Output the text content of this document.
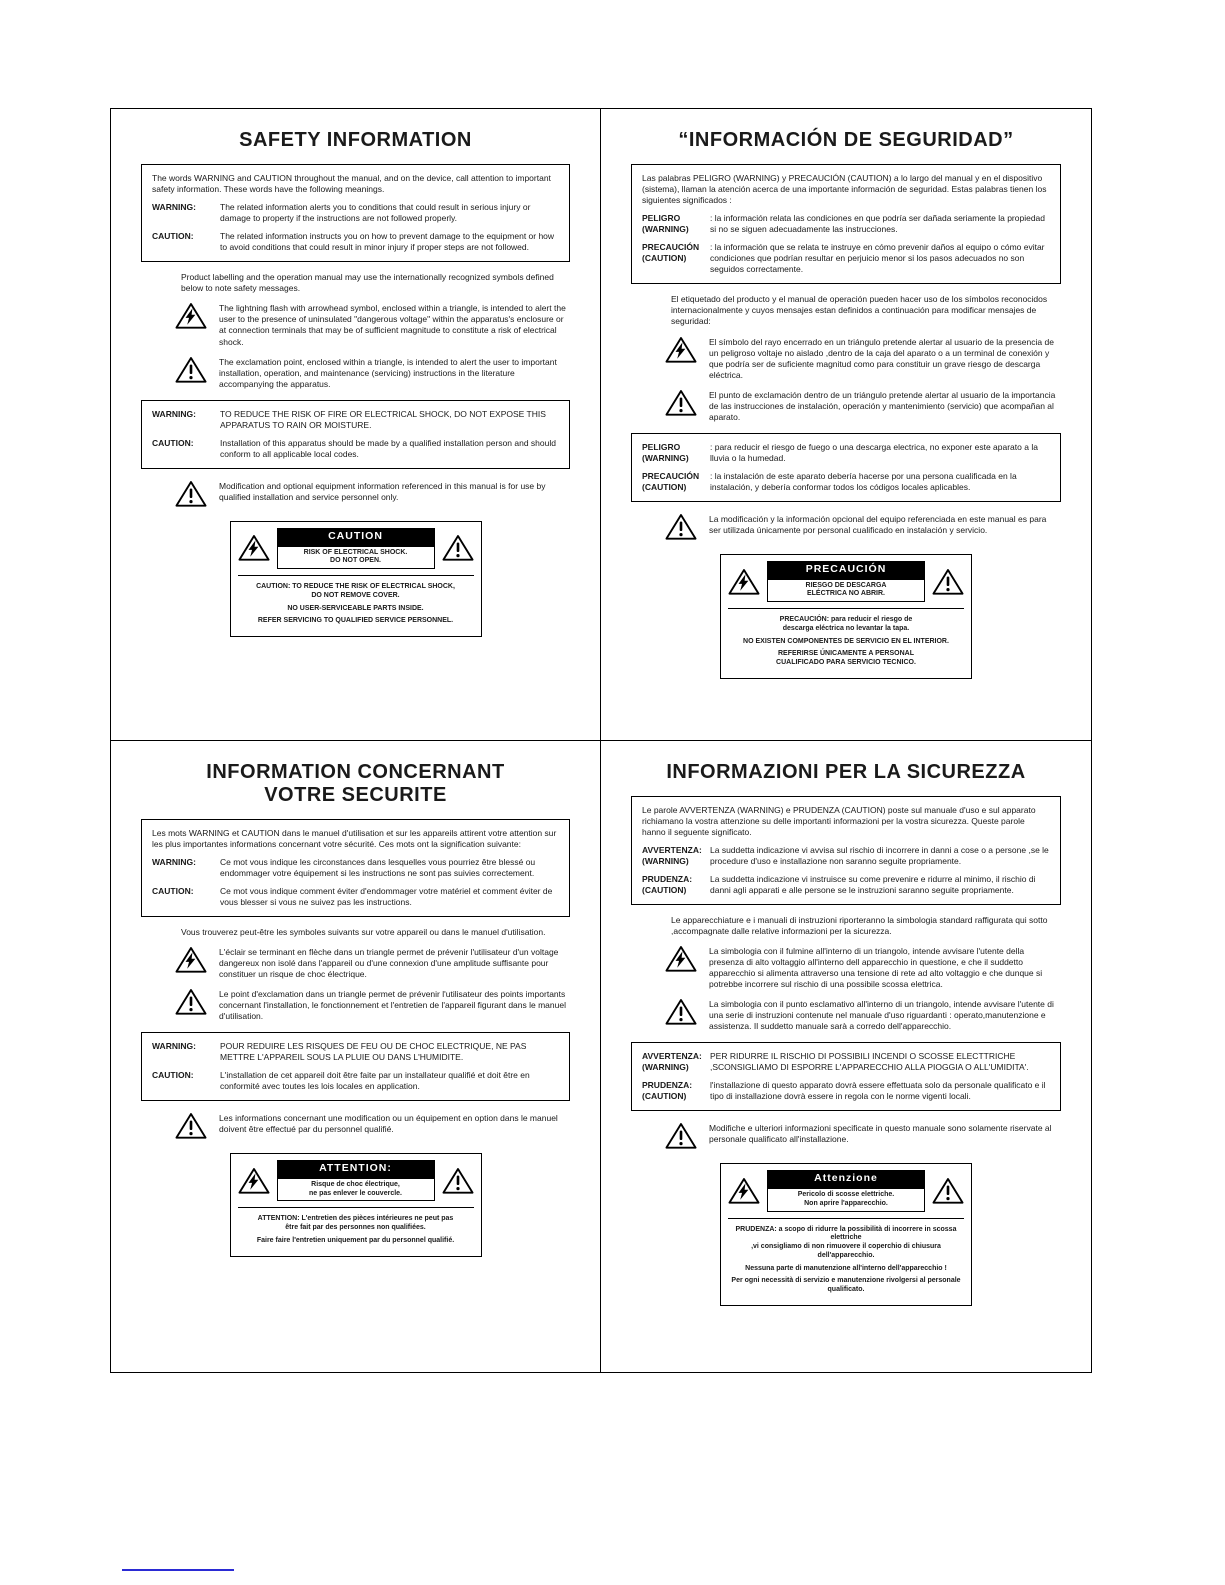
SAFETY INFORMATION

The words WARNING and CAUTION throughout the manual, and on the device, call attention to important safety information. These words have the following meanings.

WARNING:	The related information alerts you to conditions that could result in serious injury or damage to property if the instructions are not followed properly.
CAUTION:	The related information instructs you on how to prevent damage to the equipment or how to avoid conditions that could result in minor injury if proper steps are not followed.

Product labelling and the operation manual may use the internationally recognized symbols defined below to note safety messages.

The lightning flash with arrowhead symbol, enclosed within a triangle, is intended to alert the user to the presence of uninsulated "dangerous voltage" within the apparatus's enclosure or at connection terminals that may be of sufficient magnitude to constitute a risk of electrical shock.

The exclamation point, enclosed within a triangle, is intended to alert the user to important installation, operation, and maintenance (servicing) instructions in the literature accompanying the apparatus.

WARNING:	TO REDUCE THE RISK OF FIRE OR ELECTRICAL SHOCK, DO NOT EXPOSE THIS APPARATUS TO RAIN OR MOISTURE.
CAUTION:	Installation of this apparatus should be made by a qualified installation person and should conform to all applicable local codes.

Modification and optional equipment information referenced in this manual is for use by qualified installation and service personnel only.

CAUTION
RISK OF ELECTRICAL SHOCK.
DO NOT OPEN.

CAUTION: TO REDUCE THE RISK OF ELECTRICAL SHOCK,
DO NOT REMOVE COVER.

NO USER-SERVICEABLE PARTS INSIDE.

REFER SERVICING TO QUALIFIED SERVICE PERSONNEL.

“INFORMACIÓN DE SEGURIDAD”

Las palabras PELIGRO (WARNING) y PRECAUCIÓN (CAUTION) a lo largo del manual y en el dispositivo (sistema), llaman la atención acerca de una importante información de seguridad. Estas palabras tienen los siguientes significados :

PELIGRO
(WARNING)
: la información relata las condiciones en que podría ser dañada seriamente la propiedad si no se siguen adecuadamente las instrucciones.
PRECAUCIÓN
(CAUTION)
: la información que se relata te instruye en cómo prevenir daños al equipo o cómo evitar condiciones que podrían resultar en perjuicio menor si los pasos adecuados no son seguidos correctamente.

El etiquetado del producto y el manual de operación pueden hacer uso de los símbolos reconocidos internacionalmente y cuyos mensajes estan definidos a continuación para modificar mensajes de seguridad:

El símbolo del rayo encerrado en un triángulo pretende alertar al usuario de la presencia de un peligroso voltaje no aislado ,dentro de la caja del aparato o a un terminal de conexión y que podría ser de suficiente magnitud como para constituir un grave riesgo de descarga eléctrica.

El punto de exclamación dentro de un triángulo pretende alertar al usuario de la importancia de las instrucciones de instalación, operación y mantenimiento (servicio) que acompañan al aparato.

PELIGRO
(WARNING)
: para reducir el riesgo de fuego o una descarga electrica, no exponer este aparato a la lluvia o la humedad.
PRECAUCIÓN
(CAUTION)
: la instalación de este aparato debería hacerse por una persona cualificada en la instalación, y debería conformar todos los códigos locales aplicables.

La modificación y la información opcional del equipo referenciada en este manual es para ser utilizada únicamente por personal cualificado en instalación y servicio.

PRECAUCIÓN
RIESGO DE DESCARGA
ELÉCTRICA NO ABRIR.

PRECAUCIÓN: para reducir el riesgo de
descarga eléctrica no levantar la tapa.

NO EXISTEN COMPONENTES DE SERVICIO EN EL INTERIOR.

REFERIRSE ÚNICAMENTE A PERSONAL
CUALIFICADO PARA SERVICIO TECNICO.

INFORMATION CONCERNANT VOTRE SECURITE

Les mots WARNING et CAUTION dans le manuel d'utilisation et sur les appareils attirent votre attention sur les plus importantes informations concernant votre sécurité. Ces mots ont la signification suivante:

WARNING:	Ce mot vous indique les circonstances dans lesquelles vous pourriez être blessé ou endommager votre équipement si les instructions ne sont pas suivies correctement.
CAUTION:	Ce mot vous indique comment éviter d'endommager votre matériel et comment éviter de vous blesser si vous ne suivez pas les instructions.

Vous trouverez peut-être les symboles suivants sur votre appareil ou dans le manuel d'utilisation.

L'éclair se terminant en flèche dans un triangle permet de prévenir l'utilisateur d'un voltage dangereux non isolé dans l'appareil ou d'une connexion d'une amplitude suffisante pour constituer un risque de choc électrique.

Le point d'exclamation dans un triangle permet de prévenir l'utilisateur des points importants concernant l'installation, le fonctionnement et l'entretien de l'appareil figurant dans le manuel d'utilisation.

WARNING:	POUR REDUIRE LES RISQUES DE FEU OU DE CHOC ELECTRIQUE, NE PAS METTRE L'APPAREIL SOUS LA PLUIE OU DANS L'HUMIDITE.
CAUTION:	L'installation de cet appareil doit être faite par un installateur qualifié et doit être en conformité avec toutes les lois locales en application.

Les informations concernant une modification ou un équipement en option dans le manuel doivent être effectué par du personnel qualifié.

ATTENTION:
Risque de choc électrique,
ne pas enlever le couvercle.

ATTENTION: L'entretien des pièces intérieures ne peut pas
être fait par des personnes non qualifiées.

Faire faire l'entretien uniquement par du personnel qualifié.

INFORMAZIONI PER LA SICUREZZA

Le parole AVVERTENZA (WARNING) e PRUDENZA (CAUTION) poste sul manuale d'uso e sul apparato richiamano la vostra attenzione su delle importanti informazioni per la vostra sicurezza. Queste parole hanno il seguente significato.

AVVERTENZA:
(WARNING)
La suddetta indicazione vi avvisa sul rischio di incorrere in danni a cose o a persone ,se le procedure d'uso e installazione non saranno seguite propriamente.
PRUDENZA:
(CAUTION)
La suddetta indicazione vi instruisce su come prevenire e ridurre al minimo, il rischio di danni agli apparati e alle persone se le instruzioni saranno seguite propriamente.

Le apparecchiature e i manuali di instruzioni riporteranno la simbologia standard raffigurata qui sotto ,accompagnate dalle relative informazioni per la sicurezza.

La simbologia con il fulmine all'interno di un triangolo, intende avvisare l'utente della presenza di alto voltaggio all'interno dell apparecchio in questione, e che il suddetto apparecchio si alimenta attraverso una tensione di rete ad alto voltaggio e che dunque si potrebbe incorrere sul rischio di una possibile scossa elettrica.

La simbologia con il punto esclamativo all'interno di un triangolo, intende avvisare l'utente di una serie di instruzioni contenute nel manuale d'uso riguardanti : operato,manutenzione e assistenza. Il suddetto manuale sarà a corredo dell'apparecchio.

AVVERTENZA:
(WARNING)
PER RIDURRE IL RISCHIO DI POSSIBILI INCENDI O SCOSSE ELECTTRICHE ,SCONSIGLIAMO DI ESPORRE L'APPARECCHIO ALLA PIOGGIA O ALL'UMIDITA'.
PRUDENZA:
(CAUTION)
l'installazione di questo apparato dovrà essere effettuata solo da personale qualificato e il tipo di installazione dovrà essere in regola con le norme vigenti locali.

Modifiche e ulteriori informazioni specificate in questo manuale sono solamente riservate al personale qualificato all'installazione.

Attenzione
Pericolo di scosse elettriche.
Non aprire l'apparecchio.

PRUDENZA: a scopo di ridurre la possibilità di incorrere in scossa elettriche
,vi consigliamo di non rimuovere il coperchio di chiusura dell'apparecchio.

Nessuna parte di manutenzione all'interno dell'apparecchio !

Per ogni necessità di servizio e manutenzione rivolgersi al personale qualificato.
